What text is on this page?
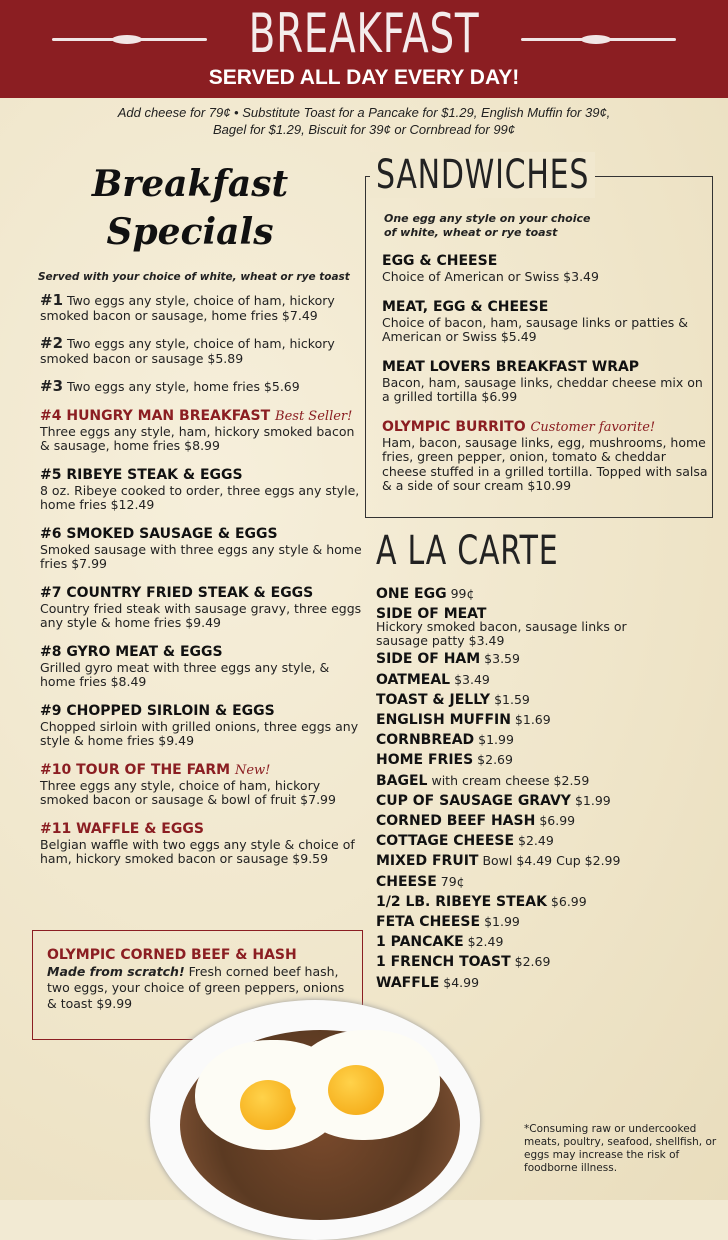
BREAKFAST
SERVED ALL DAY EVERY DAY!
Add cheese for 79¢ • Substitute Toast for a Pancake for $1.29, English Muffin for 39¢,
Bagel for $1.29, Biscuit for 39¢ or Cornbread for 99¢
Breakfast
Specials
Served with your choice of white, wheat or rye toast
#1 Two eggs any style, choice of ham, hickory smoked bacon or sausage, home fries $7.49
#2 Two eggs any style, choice of ham, hickory smoked bacon or sausage $5.89
#3 Two eggs any style, home fries $5.69
#4 HUNGRY MAN BREAKFAST Best Seller!
Three eggs any style, ham, hickory smoked bacon & sausage, home fries $8.99
#5 RIBEYE STEAK & EGGS
8 oz. Ribeye cooked to order, three eggs any style, home fries $12.49
#6 SMOKED SAUSAGE & EGGS
Smoked sausage with three eggs any style & home fries $7.99
#7 COUNTRY FRIED STEAK & EGGS
Country fried steak with sausage gravy, three eggs any style & home fries $9.49
#8 GYRO MEAT & EGGS
Grilled gyro meat with three eggs any style, & home fries $8.49
#9 CHOPPED SIRLOIN & EGGS
Chopped sirloin with grilled onions, three eggs any style & home fries $9.49
#10 TOUR OF THE FARM New!
Three eggs any style, choice of ham, hickory smoked bacon or sausage & bowl of fruit $7.99
#11 WAFFLE & EGGS
Belgian waffle with two eggs any style & choice of ham, hickory smoked bacon or sausage $9.59
OLYMPIC CORNED BEEF & HASH
Made from scratch! Fresh corned beef hash, two eggs, your choice of green peppers, onions & toast $9.99
SANDWICHES
One egg any style on your choice of white, wheat or rye toast
EGG & CHEESE
Choice of American or Swiss $3.49
MEAT, EGG & CHEESE
Choice of bacon, ham, sausage links or patties & American or Swiss $5.49
MEAT LOVERS BREAKFAST WRAP
Bacon, ham, sausage links, cheddar cheese mix on a grilled tortilla $6.99
OLYMPIC BURRITO Customer favorite!
Ham, bacon, sausage links, egg, mushrooms, home fries, green pepper, onion, tomato & cheddar cheese stuffed in a grilled tortilla. Topped with salsa & a side of sour cream $10.99
A LA CARTE
ONE EGG 99¢
SIDE OF MEAT
Hickory smoked bacon, sausage links or sausage patty $3.49
SIDE OF HAM $3.59
OATMEAL $3.49
TOAST & JELLY $1.59
ENGLISH MUFFIN $1.69
CORNBREAD $1.99
HOME FRIES $2.69
BAGEL with cream cheese $2.59
CUP OF SAUSAGE GRAVY $1.99
CORNED BEEF HASH $6.99
COTTAGE CHEESE $2.49
MIXED FRUIT Bowl $4.49 Cup $2.99
CHEESE 79¢
1/2 LB. RIBEYE STEAK $6.99
FETA CHEESE $1.99
1 PANCAKE $2.49
1 FRENCH TOAST $2.69
WAFFLE $4.99
*Consuming raw or undercooked meats, poultry, seafood, shellfish, or eggs may increase the risk of foodborne illness.
